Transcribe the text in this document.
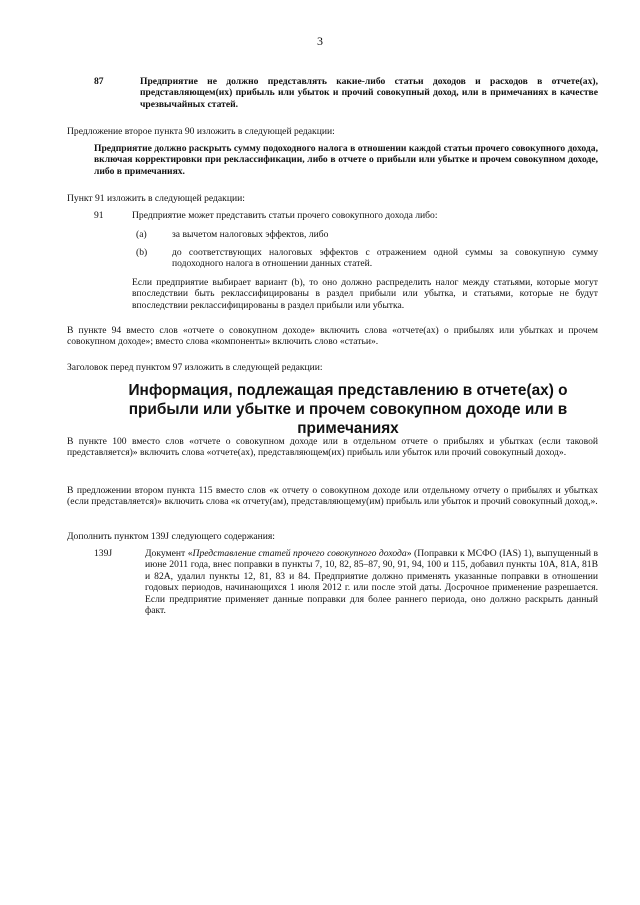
3
87	Предприятие не должно представлять какие-либо статьи доходов и расходов в отчете(ах), представляющем(их) прибыль или убыток и прочий совокупный доход, или в примечаниях в качестве чрезвычайных статей.

Предложение второе пункта 90 изложить в следующей редакции:

Предприятие должно раскрыть сумму подоходного налога в отношении каждой статьи прочего совокупного дохода, включая корректировки при реклассификации, либо в отчете о прибыли или убытке и прочем совокупном доходе, либо в примечаниях.

Пункт 91 изложить в следующей редакции:

91	Предприятие может представить статьи прочего совокупного дохода либо:

(a)	за вычетом налоговых эффектов, либо

(b)	до соответствующих налоговых эффектов с отражением одной суммы за совокупную сумму подоходного налога в отношении данных статей.

Если предприятие выбирает вариант (b), то оно должно распределить налог между статьями, которые могут впоследствии быть реклассифицированы в раздел прибыли или убытка, и статьями, которые не будут впоследствии реклассифицированы в раздел прибыли или убытка.

В пункте 94 вместо слов «отчете о совокупном доходе» включить слова «отчете(ах) о прибылях или убытках и прочем совокупном доходе»; вместо слова «компоненты» включить слово «статьи».

Заголовок перед пунктом 97 изложить в следующей редакции:

Информация, подлежащая представлению в отчете(ах) о прибыли или убытке и прочем совокупном доходе или в примечаниях

В пункте 100 вместо слов «отчете о совокупном доходе или в отдельном отчете о прибылях и убытках (если таковой представляется)» включить слова «отчете(ах), представляющем(их) прибыль или убыток или прочий совокупный доход».

В предложении втором пункта 115 вместо слов «к отчету о совокупном доходе или отдельному отчету о прибылях и убытках (если представляется)» включить слова «к отчету(ам), представляющему(им) прибыль или убыток и прочий совокупный доход,».

Дополнить пунктом 139J следующего содержания:

139J	Документ «Представление статей прочего совокупного дохода» (Поправки к МСФО (IAS) 1), выпущенный в июне 2011 года, внес поправки в пункты 7, 10, 82, 85–87, 90, 91, 94, 100 и 115, добавил пункты 10А, 81А, 81В и 82А, удалил пункты 12, 81, 83 и 84. Предприятие должно применять указанные поправки в отношении годовых периодов, начинающихся 1 июля 2012 г. или после этой даты. Досрочное применение разрешается. Если предприятие применяет данные поправки для более раннего периода, оно должно раскрыть данный факт.
